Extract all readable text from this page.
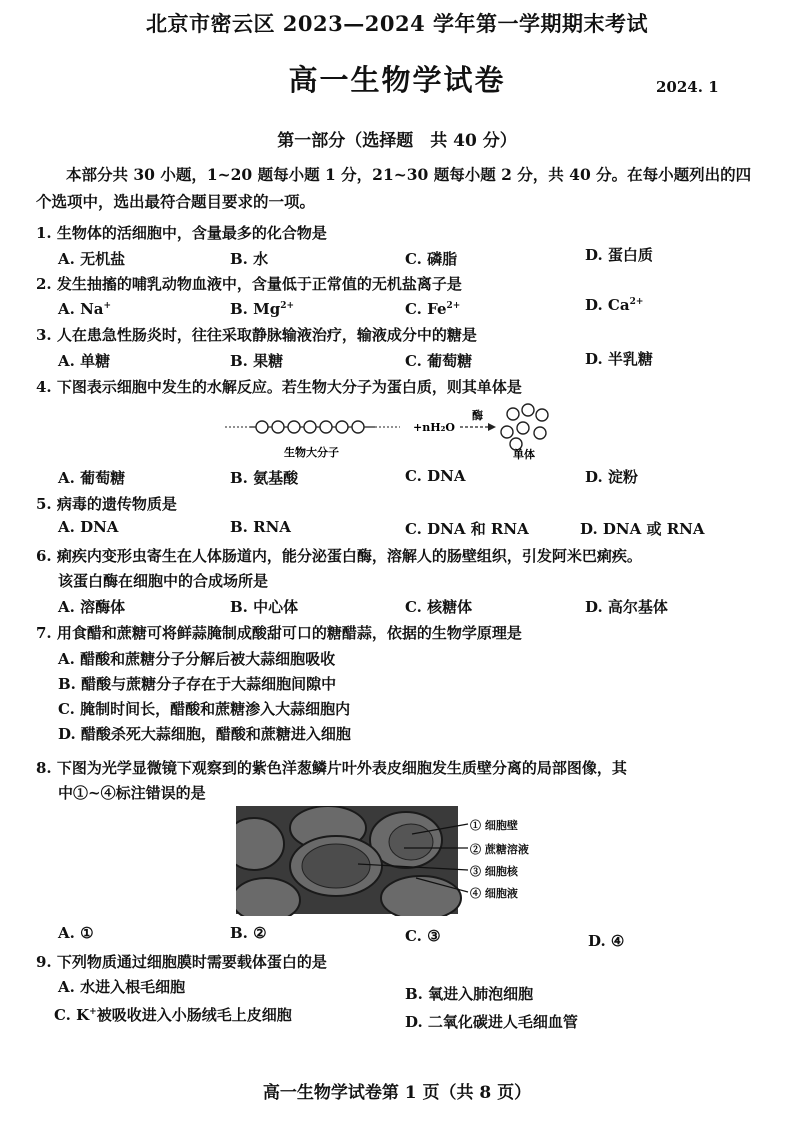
北京市密云区 2023—2024 学年第一学期期末考试
高一生物学试卷	2024. 1
第一部分（选择题　共 40 分）
本部分共 30 小题，1~20 题每小题 1 分，21~30 题每小题 2 分，共 40 分。在每小题列出的四个选项中，选出最符合题目要求的一项。
1. 生物体的活细胞中，含量最多的化合物是
A. 无机盐	B. 水	C. 磷脂	D. 蛋白质
2. 发生抽搐的哺乳动物血液中，含量低于正常值的无机盐离子是
A. Na+	B. $Mg^{2+}$	C. $Fe^{2+}$	D. $Ca^{2+}$
3. 人在患急性肠炎时，往往采取静脉输液治疗，输液成分中的糖是
A. 单糖	B. 果糖	C. 葡萄糖	D. 半乳糖
4. 下图表示细胞中发生的水解反应。若生物大分子为蛋白质，则其单体是
+nH₂O
酶
生物大分子	单体
A. 葡萄糖	B. 氨基酸	C. DNA	D. 淀粉
5. 病毒的遗传物质是
A. DNA	B. RNA	C. DNA 和 RNA	D. DNA 或 RNA
6. 痢疾内变形虫寄生在人体肠道内，能分泌蛋白酶，溶解人的肠壁组织，引发阿米巴痢疾。
该蛋白酶在细胞中的合成场所是
A. 溶酶体	B. 中心体	C. 核糖体	D. 高尔基体
7. 用食醋和蔗糖可将鲜蒜腌制成酸甜可口的糖醋蒜，依据的生物学原理是
A. 醋酸和蔗糖分子分解后被大蒜细胞吸收
B. 醋酸与蔗糖分子存在于大蒜细胞间隙中
C. 腌制时间长，醋酸和蔗糖渗入大蒜细胞内
D. 醋酸杀死大蒜细胞，醋酸和蔗糖进入细胞
8. 下图为光学显微镜下观察到的紫色洋葱鳞片叶外表皮细胞发生质壁分离的局部图像，其
中①~④标注错误的是
① 细胞壁
② 蔗糖溶液
③ 细胞核
④ 细胞液
A. ①	B. ②	C. ③	D. ④
9. 下列物质通过细胞膜时需要载体蛋白的是
A. 水进入根毛细胞	B. 氧进入肺泡细胞
C. K+被吸收进入小肠绒毛上皮细胞	D. 二氧化碳进人毛细血管
高一生物学试卷第 1 页（共 8 页）
